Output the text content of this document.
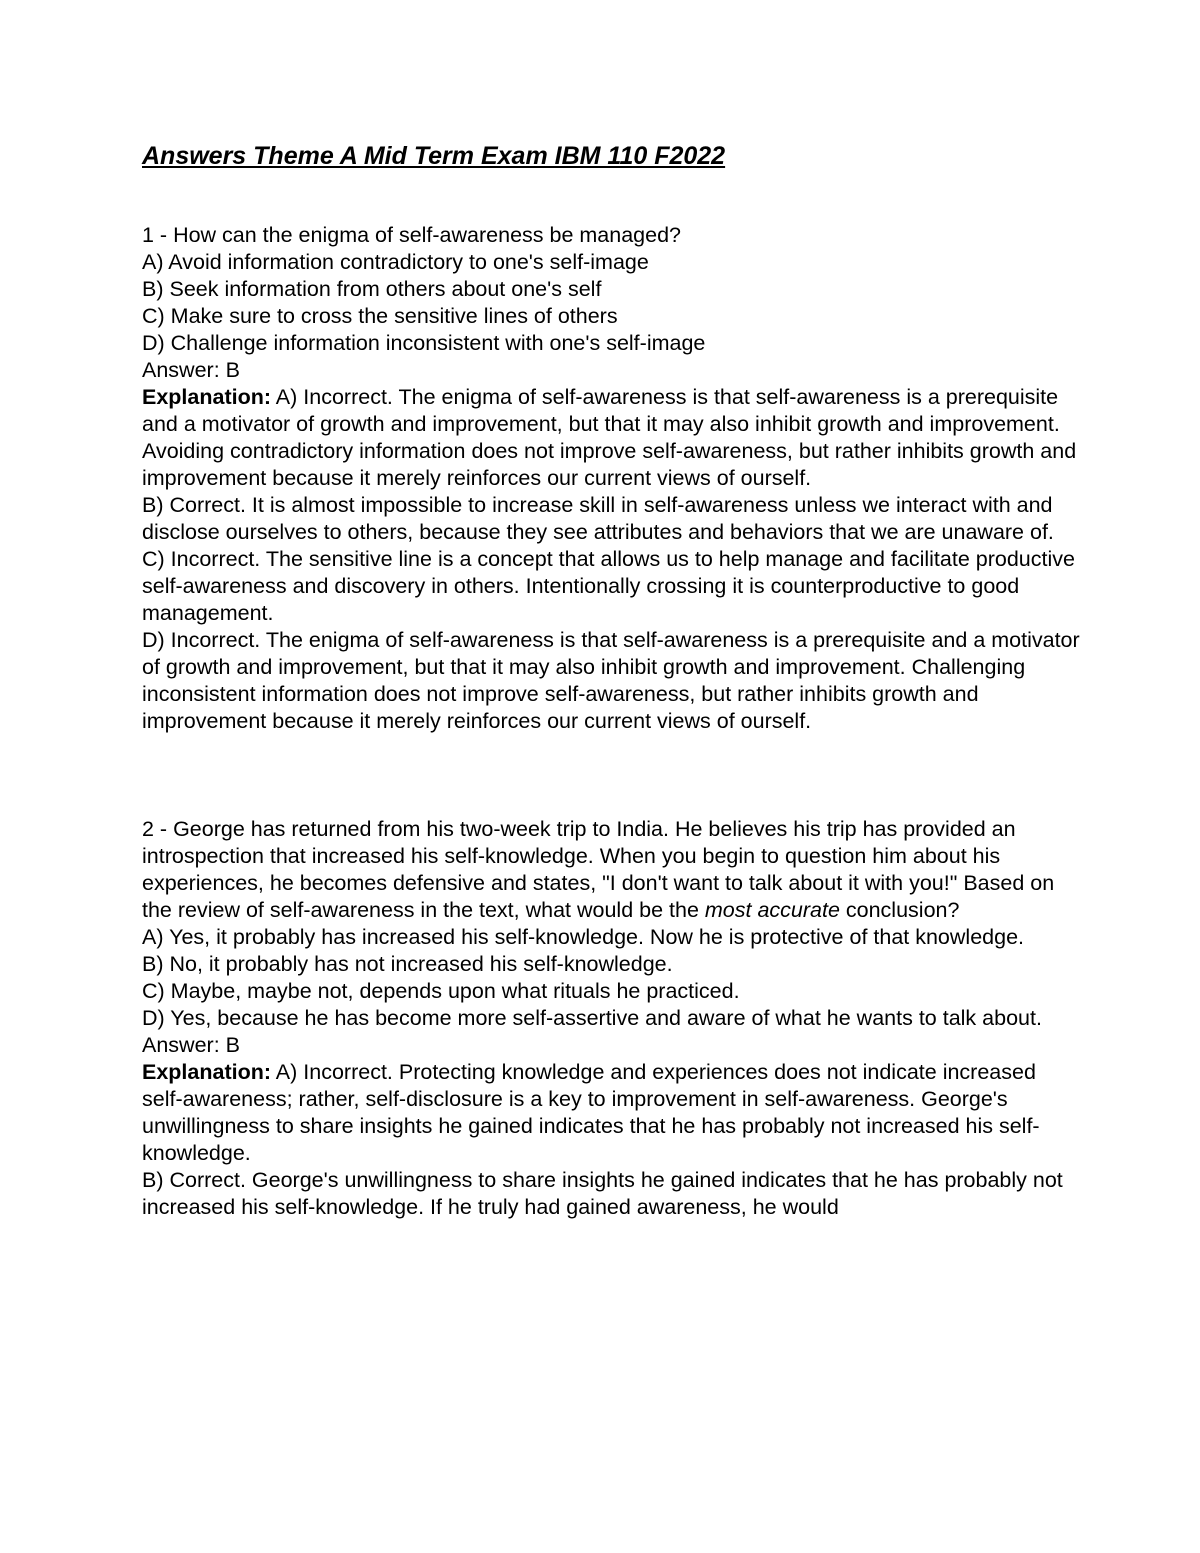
Answers Theme A Mid Term Exam IBM 110 F2022

1 - How can the enigma of self-awareness be managed?

A) Avoid information contradictory to one's self-image

B) Seek information from others about one's self

C) Make sure to cross the sensitive lines of others

D) Challenge information inconsistent with one's self-image

Answer: B

Explanation: A) Incorrect. The enigma of self-awareness is that self-awareness is a prerequisite and a motivator of growth and improvement, but that it may also inhibit growth and improvement. Avoiding contradictory information does not improve self-awareness, but rather inhibits growth and improvement because it merely reinforces our current views of ourself.

B) Correct. It is almost impossible to increase skill in self-awareness unless we interact with and disclose ourselves to others, because they see attributes and behaviors that we are unaware of.

C) Incorrect. The sensitive line is a concept that allows us to help manage and facilitate productive self-awareness and discovery in others. Intentionally crossing it is counterproductive to good management.

D) Incorrect. The enigma of self-awareness is that self-awareness is a prerequisite and a motivator of growth and improvement, but that it may also inhibit growth and improvement. Challenging inconsistent information does not improve self-awareness, but rather inhibits growth and improvement because it merely reinforces our current views of ourself.

2 - George has returned from his two-week trip to India. He believes his trip has provided an introspection that increased his self-knowledge. When you begin to question him about his experiences, he becomes defensive and states, "I don't want to talk about it with you!" Based on the review of self-awareness in the text, what would be the most accurate conclusion?

A) Yes, it probably has increased his self-knowledge. Now he is protective of that knowledge.

B) No, it probably has not increased his self-knowledge.

C) Maybe, maybe not, depends upon what rituals he practiced.

D) Yes, because he has become more self-assertive and aware of what he wants to talk about.

Answer: B

Explanation: A) Incorrect. Protecting knowledge and experiences does not indicate increased self-awareness; rather, self-disclosure is a key to improvement in self-awareness. George's unwillingness to share insights he gained indicates that he has probably not increased his self-knowledge.

B) Correct. George's unwillingness to share insights he gained indicates that he has probably not increased his self-knowledge. If he truly had gained awareness, he would
